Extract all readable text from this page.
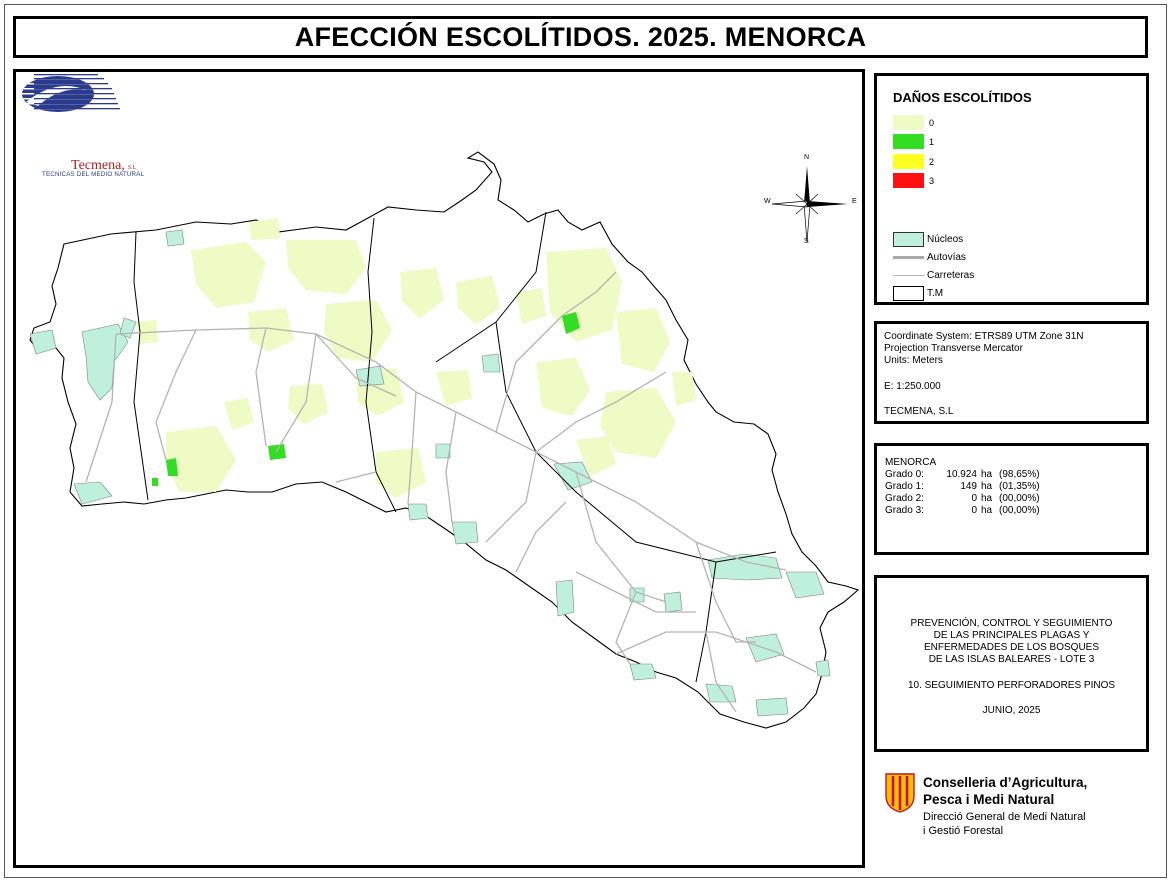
AFECCIÓN ESCOLÍTIDOS. 2025. MENORCA
Tecmena, S.L
TECNICAS DEL MEDIO NATURAL
N
S
E
W
DAÑOS ESCOLÍTIDOS
0
1
2
3
Núcleos
Autovías
Carreteras
T.M
Coordinate System: ETRS89 UTM Zone 31N
Projection Transverse Mercator
Units: Meters
E: 1:250.000
TECMENA, S.L
MENORCA
Grado 0: 10.924 ha (98,65%)
Grado 1:	149 ha (01,35%)
Grado 2:	0 ha (00,00%)
Grado 3:	0 ha (00,00%)
PREVENCIÓN, CONTROL Y SEGUIMIENTO
DE LAS PRINCIPALES PLAGAS Y
ENFERMEDADES DE LOS BOSQUES
DE LAS ISLAS BALEARES - LOTE 3
10. SEGUIMIENTO PERFORADORES PINOS
JUNIO, 2025
Conselleria d’Agricultura,
Pesca i Medi Natural
Direcció General de Medi Natural
i Gestió Forestal
